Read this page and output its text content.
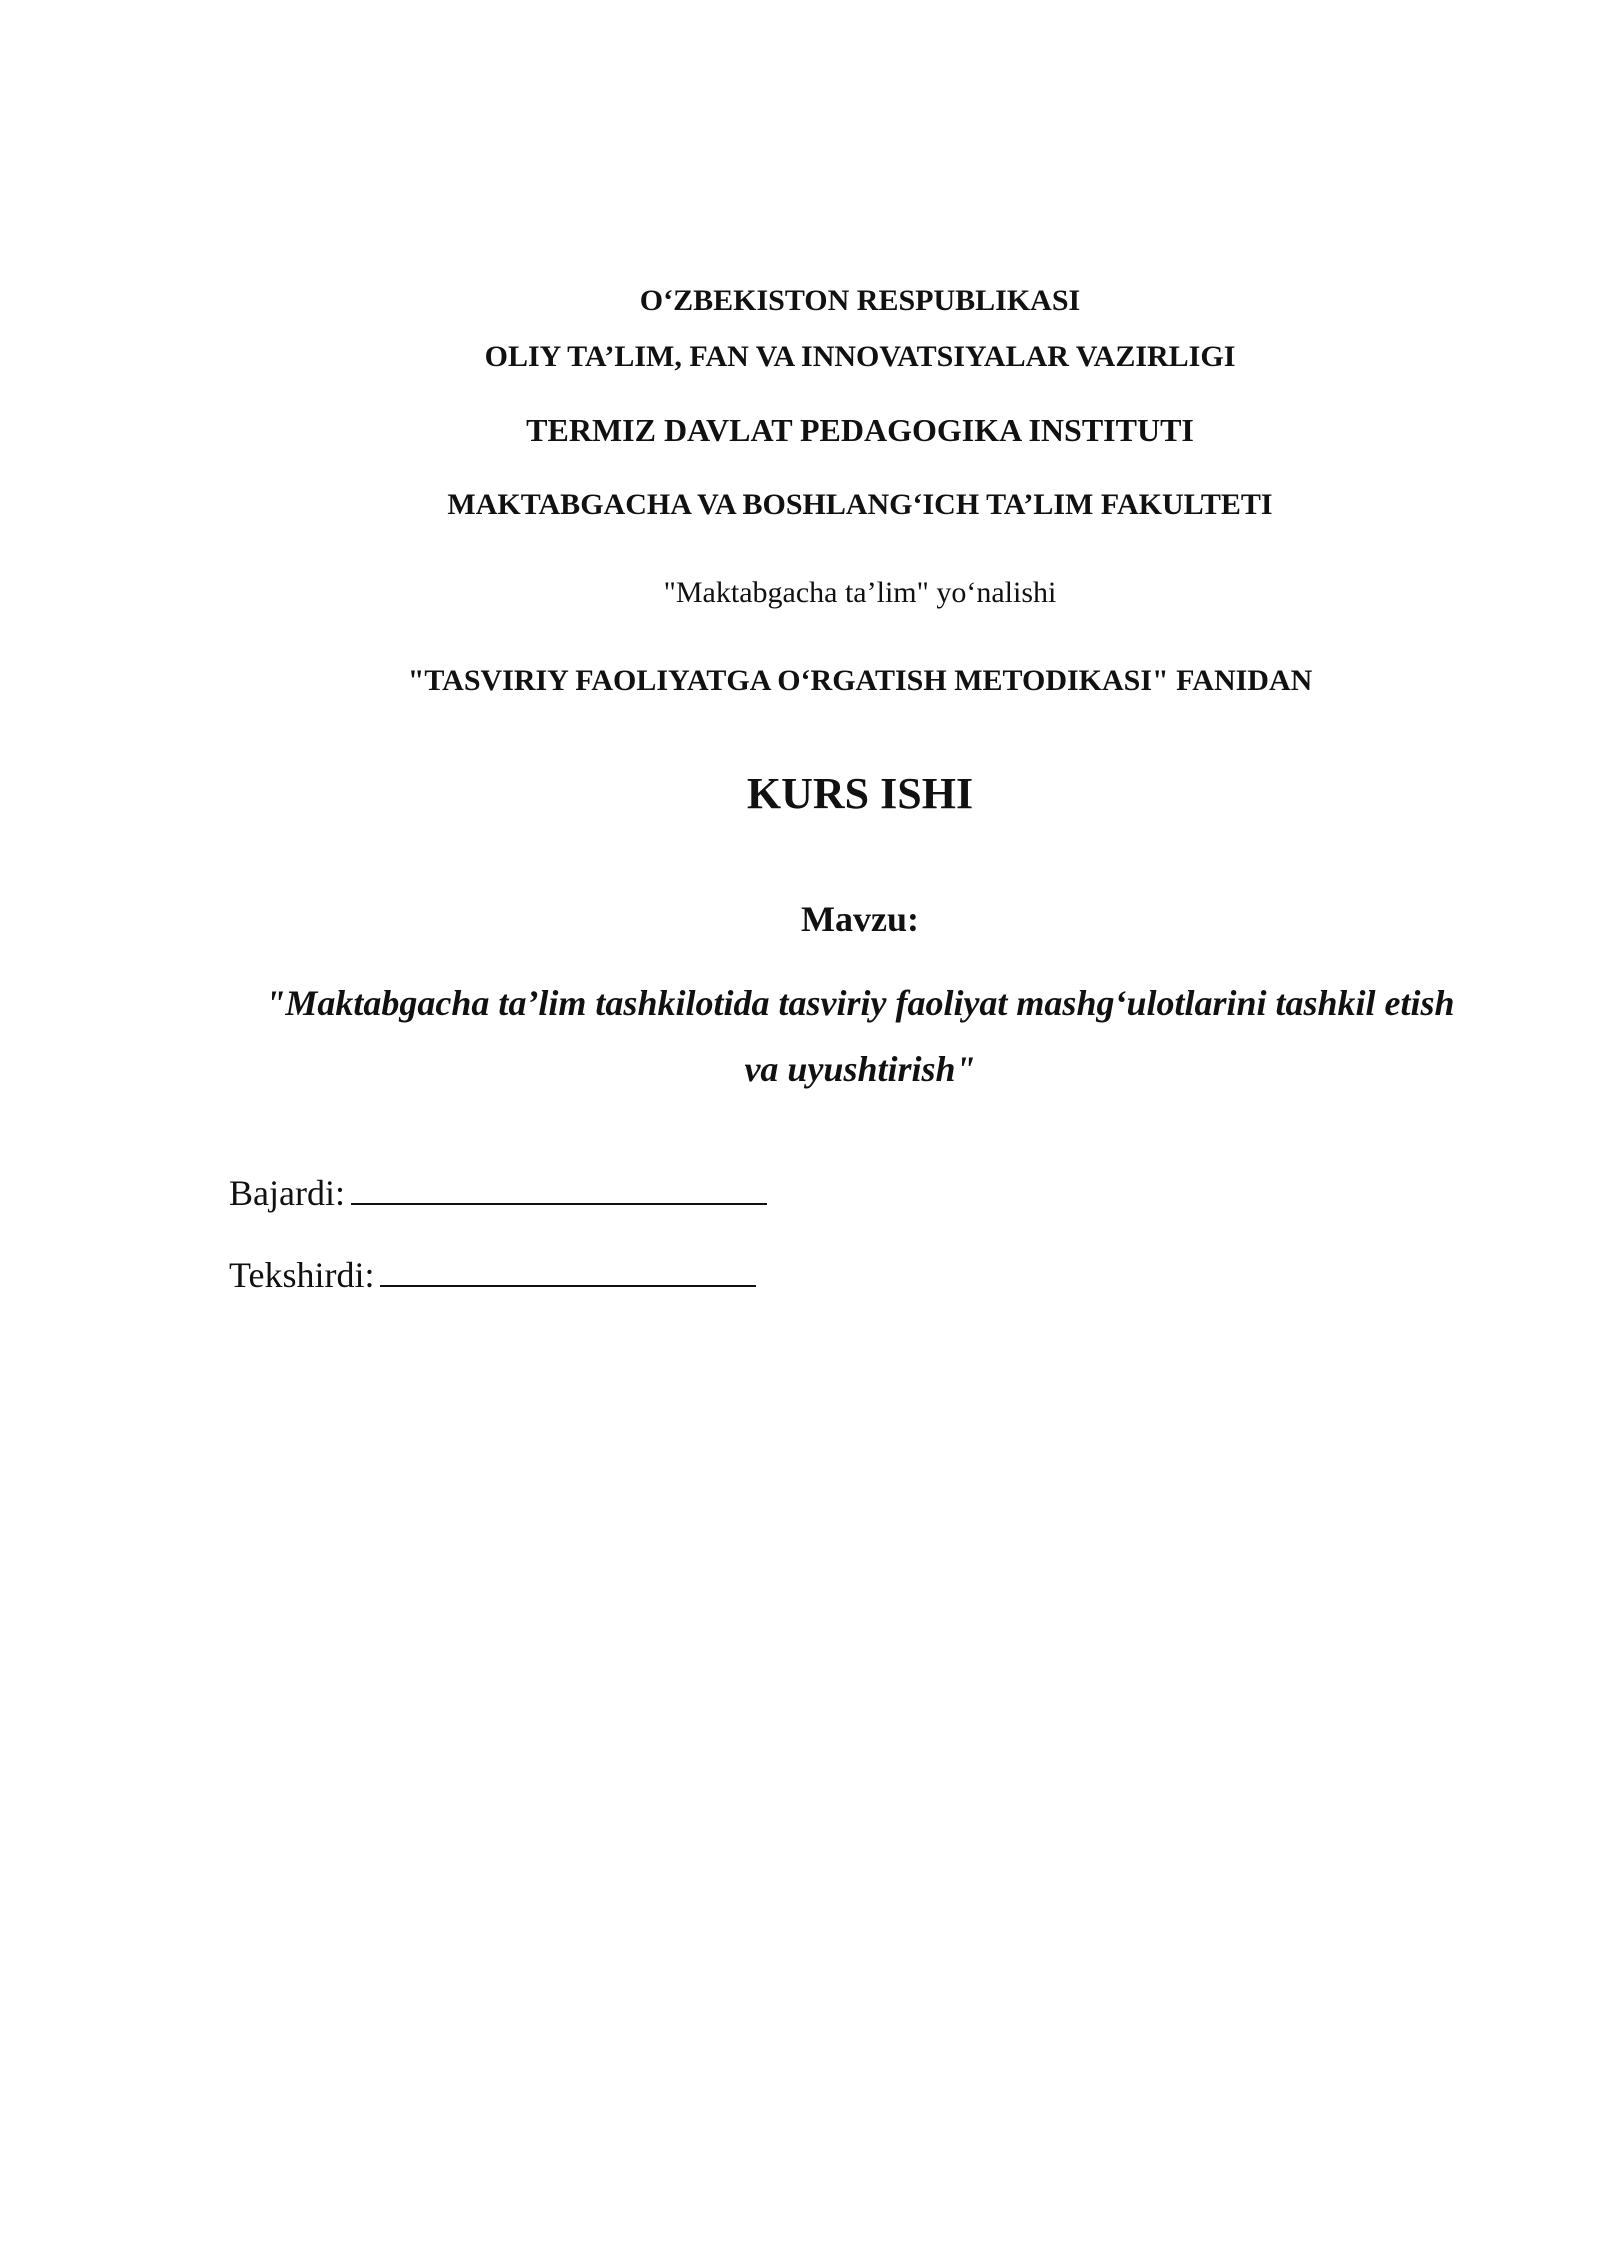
O‘ZBEKISTON RESPUBLIKASI
OLIY TA’LIM, FAN VA INNOVATSIYALAR VAZIRLIGI
TERMIZ DAVLAT PEDAGOGIKA INSTITUTI
MAKTABGACHA VA BOSHLANG‘ICH TA’LIM FAKULTETI
"Maktabgacha ta’lim" yo‘nalishi
"TASVIRIY FAOLIYATGA O‘RGATISH METODIKASI" FANIDAN
KURS ISHI
Mavzu:
"Maktabgacha ta’lim tashkilotida tasviriy faoliyat mashg‘ulotlarini tashkil etish
va uyushtirish"
Bajardi:
Tekshirdi:
